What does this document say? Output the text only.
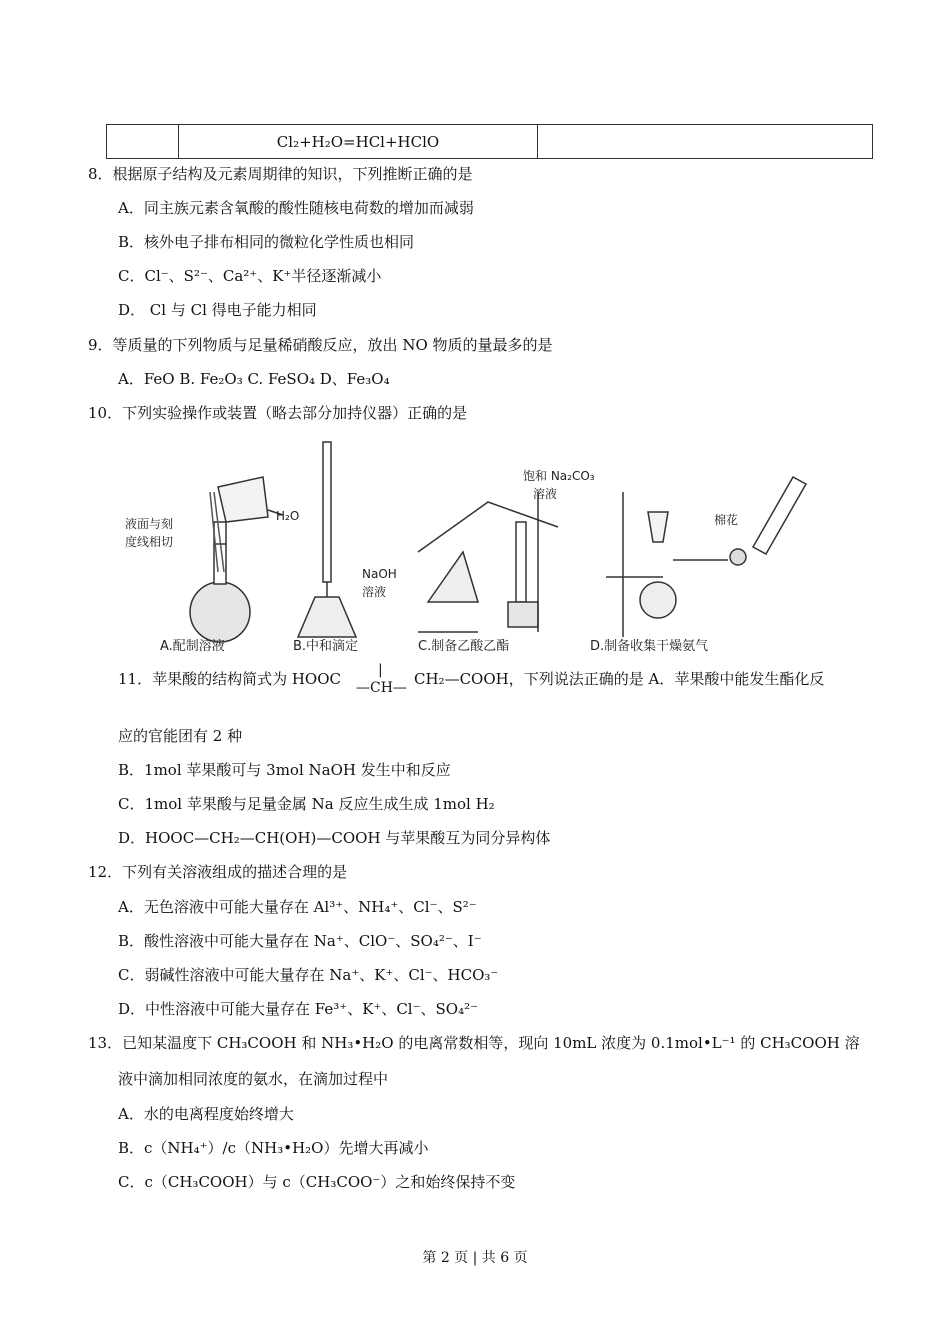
	Cl₂+H₂O=HCl+HClO	
8．根据原子结构及元素周期律的知识，下列推断正确的是
A．同主族元素含氧酸的酸性随核电荷数的增加而减弱
B．核外电子排布相同的微粒化学性质也相同
C．Cl⁻、S²⁻、Ca²⁺、K⁺半径逐渐减小
D． Cl 与 Cl 得电子能力相同
9．等质量的下列物质与足量稀硝酸反应，放出 NO 物质的量最多的是
A．FeO B. Fe₂O₃ C. FeSO₄ D、Fe₃O₄
10．下列实验操作或装置（略去部分加持仪器）正确的是
液面与刻
度线相切
H₂O
A.配制溶液
NaOH
溶液
B.中和滴定
饱和 Na₂CO₃
溶液
C.制备乙酸乙酯
棉花
D.制备收集干燥氨气
11．苹果酸的结构简式为 HOOC	|
—CH— CH₂—COOH，下列说法正确的是 A．苹果酸中能发生酯化反
应的官能团有 2 种
B．1mol 苹果酸可与 3mol NaOH 发生中和反应
C．1mol 苹果酸与足量金属 Na 反应生成生成 1mol H₂
D．HOOC—CH₂—CH(OH)—COOH 与苹果酸互为同分异构体
12．下列有关溶液组成的描述合理的是
A．无色溶液中可能大量存在 Al³⁺、NH₄⁺、Cl⁻、S²⁻
B．酸性溶液中可能大量存在 Na⁺、ClO⁻、SO₄²⁻、I⁻
C．弱碱性溶液中可能大量存在 Na⁺、K⁺、Cl⁻、HCO₃⁻
D．中性溶液中可能大量存在 Fe³⁺、K⁺、Cl⁻、SO₄²⁻
13．已知某温度下 CH₃COOH 和 NH₃•H₂O 的电离常数相等，现向 10mL 浓度为 0.1mol•L⁻¹ 的 CH₃COOH 溶
液中滴加相同浓度的氨水，在滴加过程中
A．水的电离程度始终增大
B．c（NH₄⁺）/c（NH₃•H₂O）先增大再减小
C．c（CH₃COOH）与 c（CH₃COO⁻）之和始终保持不变
第 2 页 | 共 6 页
